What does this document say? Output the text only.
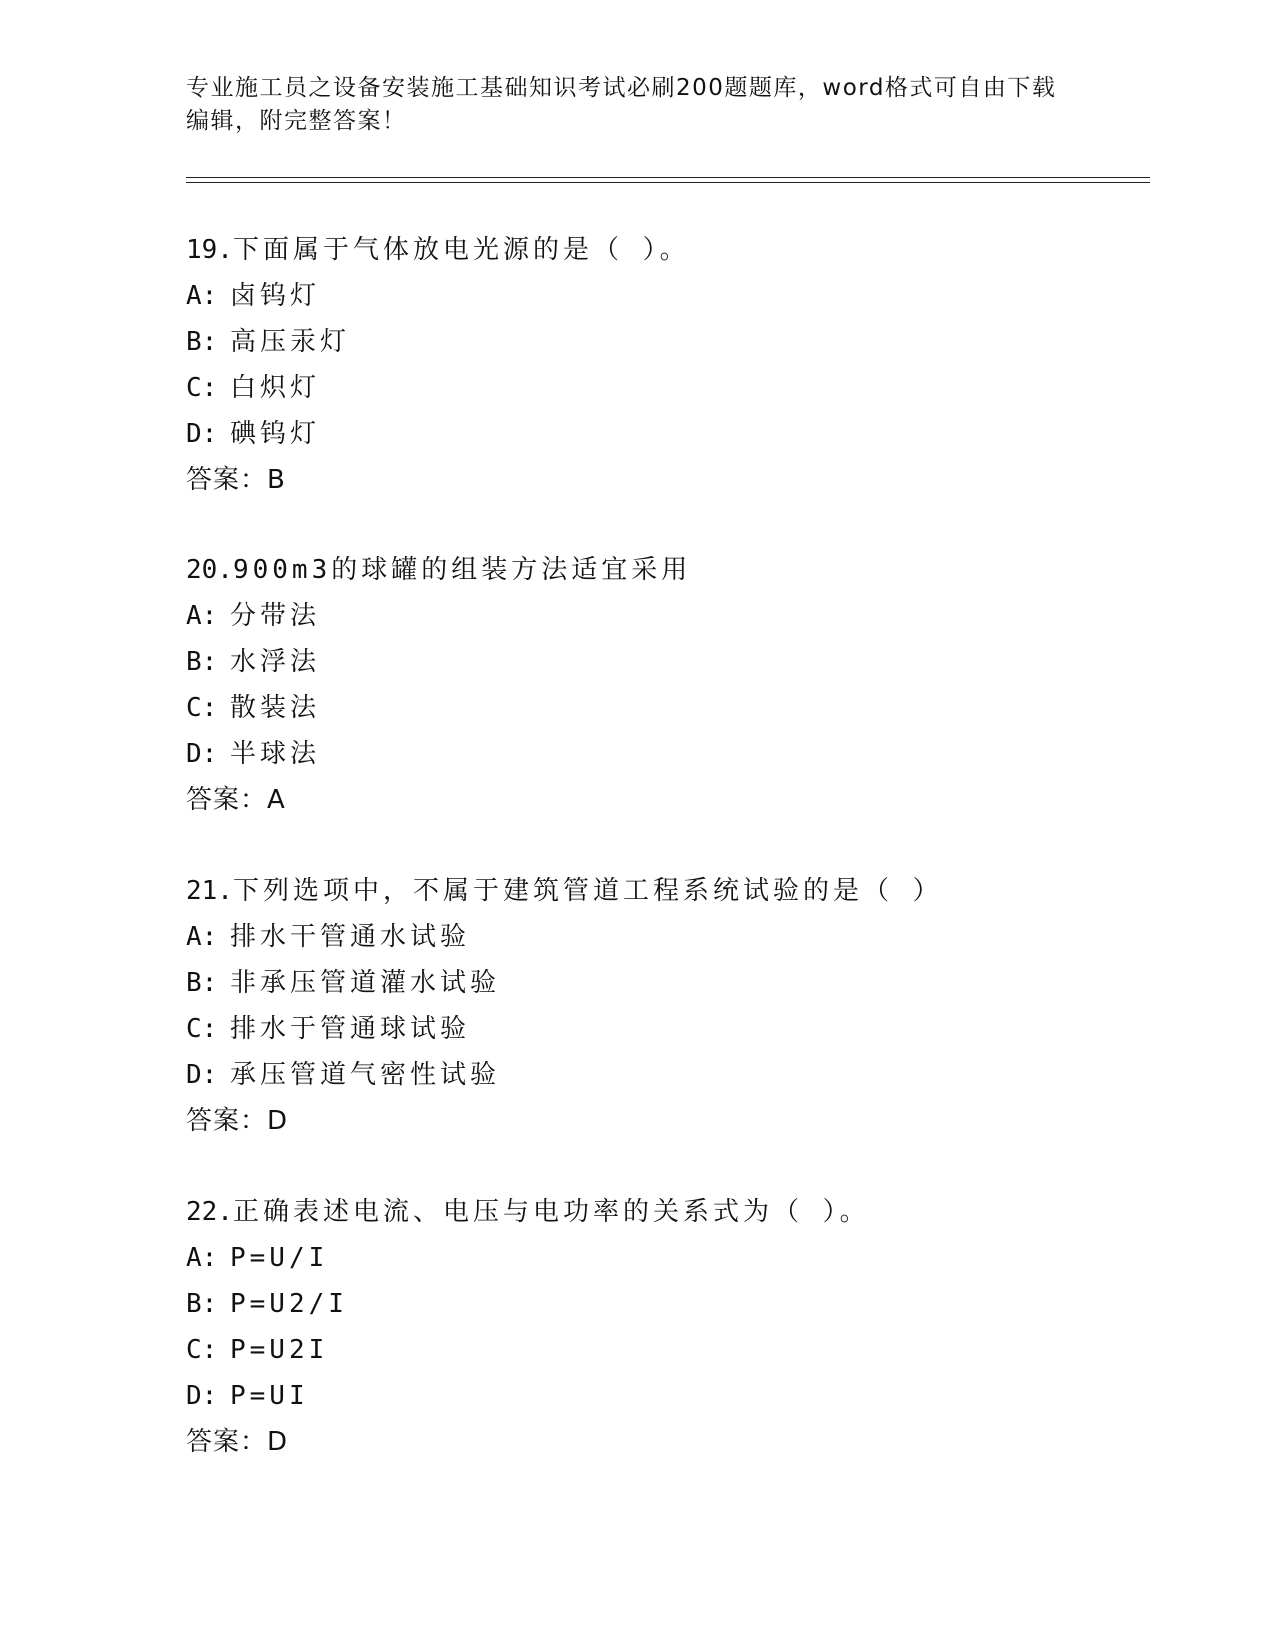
专业施工员之设备安装施工基础知识考试必刷200题题库，word格式可自由下载
编辑，附完整答案！
19.下面属于气体放电光源的是（ ）。
A: 卤钨灯
B: 高压汞灯
C: 白炽灯
D: 碘钨灯
答案：B
20.900m3的球罐的组装方法适宜采用
A: 分带法
B: 水浮法
C: 散装法
D: 半球法
答案：A
21.下列选项中，不属于建筑管道工程系统试验的是（ ）
A: 排水干管通水试验
B: 非承压管道灌水试验
C: 排水于管通球试验
D: 承压管道气密性试验
答案：D
22.正确表述电流、电压与电功率的关系式为（ ）。
A: P=U/I
B: P=U2/I
C: P=U2I
D: P=UI
答案：D
